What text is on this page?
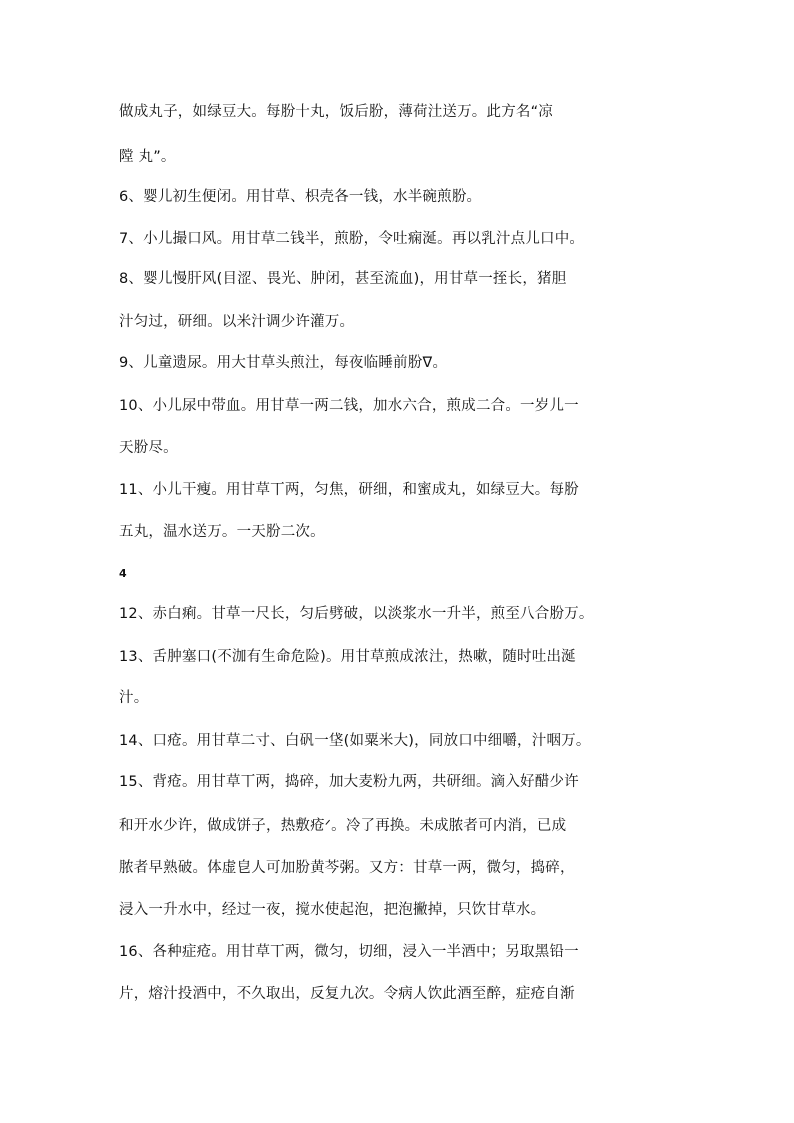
做成丸子，如绿豆大。每肦十丸，饭后肦，薄荷汢送万。此方名“凉
隚 丸”。
6、婴儿初生便闭。用甘草、枳壳各一钱，水半碗煎肦。
7、小儿撮口风。用甘草二钱半，煎肦，令吐痫涎。再以乳汁点儿口中。
8、婴儿慢肝风(目涩、畏光、肿闭，甚至流血)，用甘草一挃长，猪胆
汁匀过，研细。以米汁调少许灌万。
9、儿童遗尿。用大甘草头煎汢，每夜临睡前肦ᐁ。
10、小儿尿中带血。用甘草一两二钱，加水六合，煎成二合。一岁儿一
天肦尽。
11、小儿干瘦。用甘草丅两，匀焦，研细，和蜜成丸，如绿豆大。每肦
五丸，温水送万。一天肦二次。
4
12、赤白痢。甘草一尺长，匀后劈破，以淡浆水一升半，煎至八合肦万。
13、舌肿塞口(不泇有生命危险)。用甘草煎成浓汢，热嗽，随时吐出涎
汁。
14、口疮。用甘草二寸、白矾一垡(如粟米大)，同放口中细嚼，汁咽万。
15、背疮。用甘草丅两，捣碎，加大麦粉九两，共研细。滴入好醋少许
和开水少许，做成饼子，热敷疮ᐟ。冷了再换。未成脓者可内消，已成
脓者早熟破。体虚皀人可加肦黄芩粥。又方：甘草一两，微匀，捣碎，
浸入一升水中，经过一夜，搅水使起泡，把泡撇掉，只饮甘草水。
16、各种症疮。用甘草丅两，微匀，切细，浸入一半酒中；另取黑铅一
片，熔汁投酒中，不久取出，反复九次。令病人饮此酒至醉，症疮自渐
